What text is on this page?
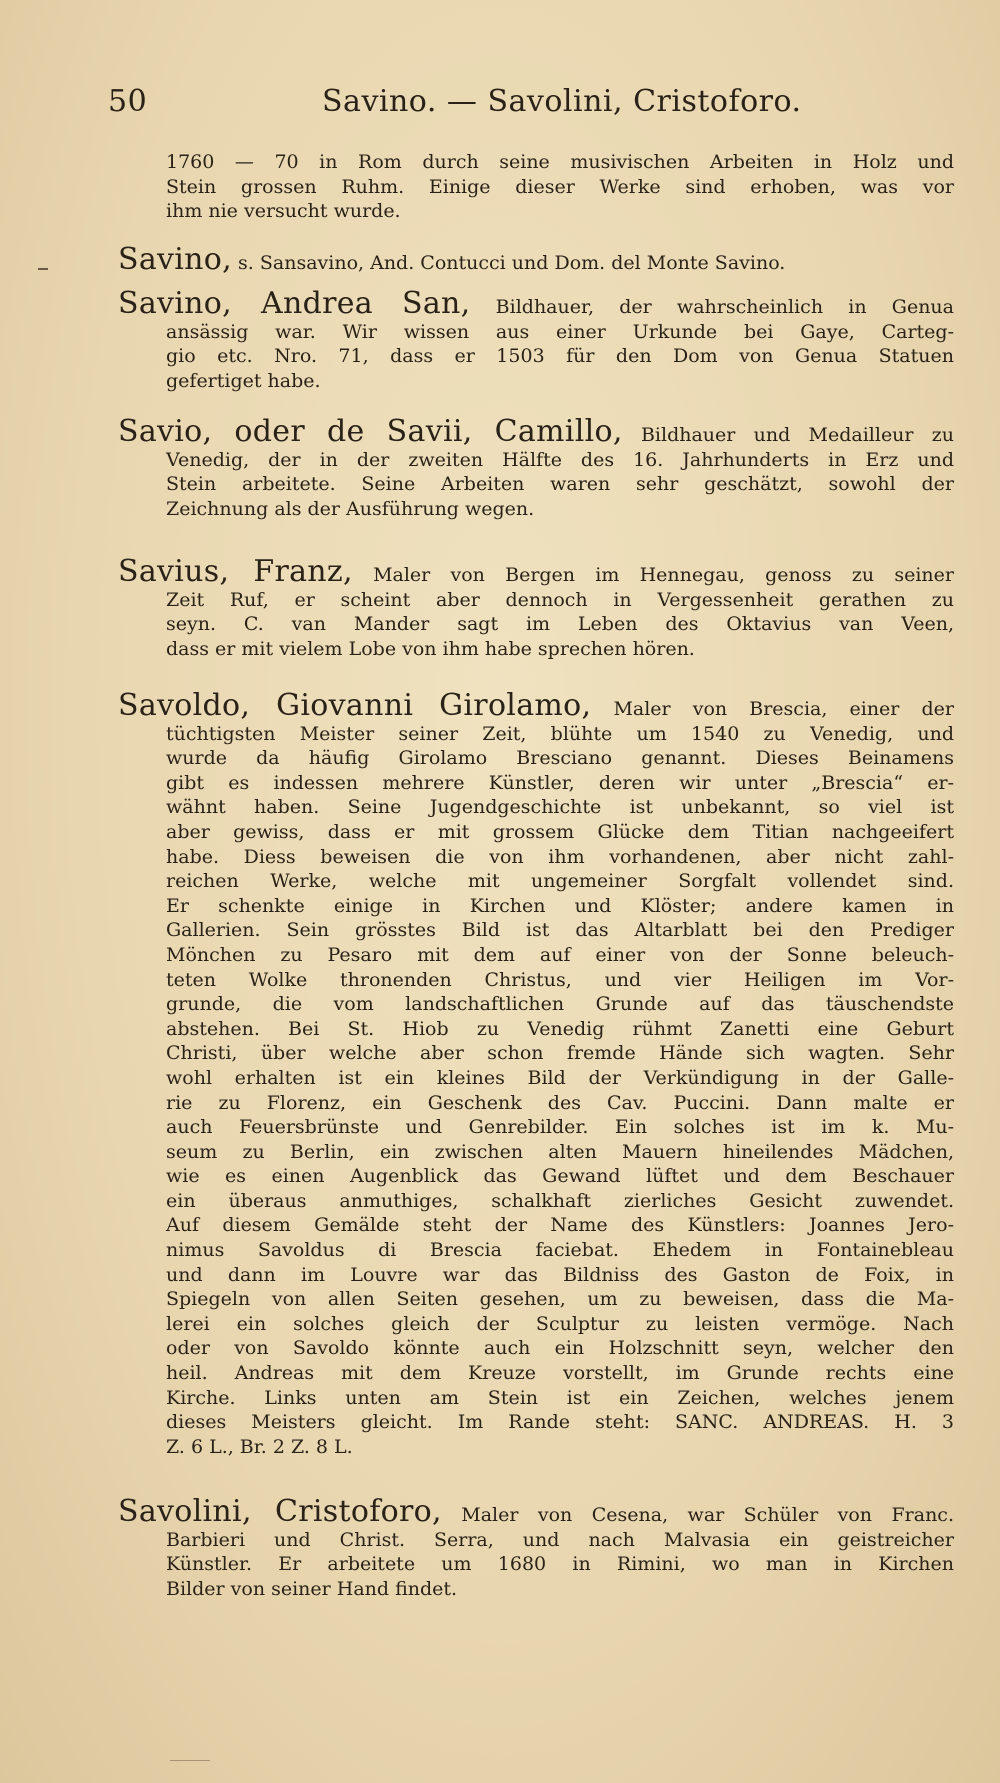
50	Savino. — Savolini, Cristoforo.
1760 — 70 in Rom durch seine musivischen Arbeiten in Holz und
Stein grossen Ruhm. Einige dieser Werke sind erhoben, was vor
ihm nie versucht wurde.
Savino, s. Sansavino, And. Contucci und Dom. del Monte Savino.
Savino, Andrea San, Bildhauer, der wahrscheinlich in Genua
ansässig war. Wir wissen aus einer Urkunde bei Gaye, Carteg-
gio etc. Nro. 71, dass er 1503 für den Dom von Genua Statuen
gefertiget habe.
Savio, oder de Savii, Camillo, Bildhauer und Medailleur zu
Venedig, der in der zweiten Hälfte des 16. Jahrhunderts in Erz und
Stein arbeitete. Seine Arbeiten waren sehr geschätzt, sowohl der
Zeichnung als der Ausführung wegen.
Savius, Franz, Maler von Bergen im Hennegau, genoss zu seiner
Zeit Ruf, er scheint aber dennoch in Vergessenheit gerathen zu
seyn. C. van Mander sagt im Leben des Oktavius van Veen,
dass er mit vielem Lobe von ihm habe sprechen hören.
Savoldo, Giovanni Girolamo, Maler von Brescia, einer der
tüchtigsten Meister seiner Zeit, blühte um 1540 zu Venedig, und
wurde da häufig Girolamo Bresciano genannt. Dieses Beinamens
gibt es indessen mehrere Künstler, deren wir unter „Brescia“ er-
wähnt haben. Seine Jugendgeschichte ist unbekannt, so viel ist
aber gewiss, dass er mit grossem Glücke dem Titian nachgeeifert
habe. Diess beweisen die von ihm vorhandenen, aber nicht zahl-
reichen Werke, welche mit ungemeiner Sorgfalt vollendet sind.
Er schenkte einige in Kirchen und Klöster; andere kamen in
Gallerien. Sein grösstes Bild ist das Altarblatt bei den Prediger
Mönchen zu Pesaro mit dem auf einer von der Sonne beleuch-
teten Wolke thronenden Christus, und vier Heiligen im Vor-
grunde, die vom landschaftlichen Grunde auf das täuschendste
abstehen. Bei St. Hiob zu Venedig rühmt Zanetti eine Geburt
Christi, über welche aber schon fremde Hände sich wagten. Sehr
wohl erhalten ist ein kleines Bild der Verkündigung in der Galle-
rie zu Florenz, ein Geschenk des Cav. Puccini. Dann malte er
auch Feuersbrünste und Genrebilder. Ein solches ist im k. Mu-
seum zu Berlin, ein zwischen alten Mauern hineilendes Mädchen,
wie es einen Augenblick das Gewand lüftet und dem Beschauer
ein überaus anmuthiges, schalkhaft zierliches Gesicht zuwendet.
Auf diesem Gemälde steht der Name des Künstlers: Joannes Jero-
nimus Savoldus di Brescia faciebat. Ehedem in Fontainebleau
und dann im Louvre war das Bildniss des Gaston de Foix, in
Spiegeln von allen Seiten gesehen, um zu beweisen, dass die Ma-
lerei ein solches gleich der Sculptur zu leisten vermöge. Nach
oder von Savoldo könnte auch ein Holzschnitt seyn, welcher den
heil. Andreas mit dem Kreuze vorstellt, im Grunde rechts eine
Kirche. Links unten am Stein ist ein Zeichen, welches jenem
dieses Meisters gleicht. Im Rande steht: SANC. ANDREAS. H. 3
Z. 6 L., Br. 2 Z. 8 L.
Savolini, Cristoforo, Maler von Cesena, war Schüler von Franc.
Barbieri und Christ. Serra, und nach Malvasia ein geistreicher
Künstler. Er arbeitete um 1680 in Rimini, wo man in Kirchen
Bilder von seiner Hand findet.
